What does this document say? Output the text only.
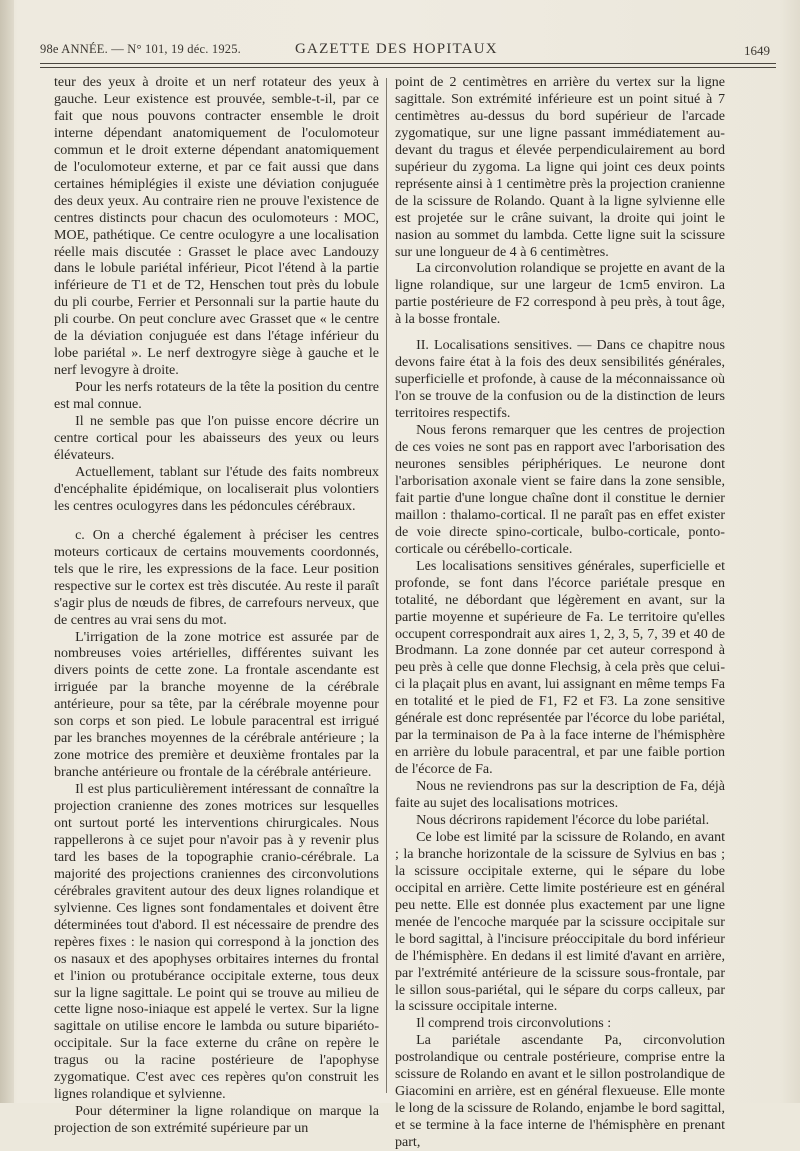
98e ANNÉE. — N° 101, 19 déc. 1925.	GAZETTE DES HOPITAUX	1649

teur des yeux à droite et un nerf rotateur des yeux à gauche. Leur existence est prouvée, semble-t-il, par ce fait que nous pouvons contracter ensemble le droit interne dépendant anatomiquement de l'oculomoteur commun et le droit externe dépendant anatomiquement de l'oculomoteur externe, et par ce fait aussi que dans certaines hémiplégies il existe une déviation conjuguée des deux yeux. Au contraire rien ne prouve l'existence de centres distincts pour chacun des oculomoteurs : MOC, MOE, pathétique. Ce centre oculogyre a une localisation réelle mais discutée : Grasset le place avec Landouzy dans le lobule pariétal inférieur, Picot l'étend à la partie inférieure de T1 et de T2, Henschen tout près du lobule du pli courbe, Ferrier et Personnali sur la partie haute du pli courbe. On peut conclure avec Grasset que « le centre de la déviation conjuguée est dans l'étage inférieur du lobe pariétal ». Le nerf dextrogyre siège à gauche et le nerf levogyre à droite.

Pour les nerfs rotateurs de la tête la position du centre est mal connue.

Il ne semble pas que l'on puisse encore décrire un centre cortical pour les abaisseurs des yeux ou leurs élévateurs.

Actuellement, tablant sur l'étude des faits nombreux d'encéphalite épidémique, on localiserait plus volontiers les centres oculogyres dans les pédoncules cérébraux.

c. On a cherché également à préciser les centres moteurs corticaux de certains mouvements coordonnés, tels que le rire, les expressions de la face. Leur position respective sur le cortex est très discutée. Au reste il paraît s'agir plus de nœuds de fibres, de carrefours nerveux, que de centres au vrai sens du mot.

L'irrigation de la zone motrice est assurée par de nombreuses voies artérielles, différentes suivant les divers points de cette zone. La frontale ascendante est irriguée par la branche moyenne de la cérébrale antérieure, pour sa tête, par la cérébrale moyenne pour son corps et son pied. Le lobule paracentral est irrigué par les branches moyennes de la cérébrale antérieure ; la zone motrice des première et deuxième frontales par la branche antérieure ou frontale de la cérébrale antérieure.

Il est plus particulièrement intéressant de connaître la projection cranienne des zones motrices sur lesquelles ont surtout porté les interventions chirurgicales. Nous rappellerons à ce sujet pour n'avoir pas à y revenir plus tard les bases de la topographie cranio-cérébrale. La majorité des projections craniennes des circonvolutions cérébrales gravitent autour des deux lignes rolandique et sylvienne. Ces lignes sont fondamentales et doivent être déterminées tout d'abord. Il est nécessaire de prendre des repères fixes : le nasion qui correspond à la jonction des os nasaux et des apophyses orbitaires internes du frontal et l'inion ou protubérance occipitale externe, tous deux sur la ligne sagittale. Le point qui se trouve au milieu de cette ligne noso-iniaque est appelé le vertex. Sur la ligne sagittale on utilise encore le lambda ou suture bipariéto-occipitale. Sur la face externe du crâne on repère le tragus ou la racine postérieure de l'apophyse zygomatique. C'est avec ces repères qu'on construit les lignes rolandique et sylvienne.

Pour déterminer la ligne rolandique on marque la projection de son extrémité supérieure par un

point de 2 centimètres en arrière du vertex sur la ligne sagittale. Son extrémité inférieure est un point situé à 7 centimètres au-dessus du bord supérieur de l'arcade zygomatique, sur une ligne passant immédiatement au-devant du tragus et élevée perpendiculairement au bord supérieur du zygoma. La ligne qui joint ces deux points représente ainsi à 1 centimètre près la projection cranienne de la scissure de Rolando. Quant à la ligne sylvienne elle est projetée sur le crâne suivant, la droite qui joint le nasion au sommet du lambda. Cette ligne suit la scissure sur une longueur de 4 à 6 centimètres.

La circonvolution rolandique se projette en avant de la ligne rolandique, sur une largeur de 1cm5 environ. La partie postérieure de F2 correspond à peu près, à tout âge, à la bosse frontale.

II. Localisations sensitives. — Dans ce chapitre nous devons faire état à la fois des deux sensibilités générales, superficielle et profonde, à cause de la méconnaissance où l'on se trouve de la confusion ou de la distinction de leurs territoires respectifs.

Nous ferons remarquer que les centres de projection de ces voies ne sont pas en rapport avec l'arborisation des neurones sensibles périphériques. Le neurone dont l'arborisation axonale vient se faire dans la zone sensible, fait partie d'une longue chaîne dont il constitue le dernier maillon : thalamo-cortical. Il ne paraît pas en effet exister de voie directe spino-corticale, bulbo-corticale, ponto-corticale ou cérébello-corticale.

Les localisations sensitives générales, superficielle et profonde, se font dans l'écorce pariétale presque en totalité, ne débordant que légèrement en avant, sur la partie moyenne et supérieure de Fa. Le territoire qu'elles occupent correspondrait aux aires 1, 2, 3, 5, 7, 39 et 40 de Brodmann. La zone donnée par cet auteur correspond à peu près à celle que donne Flechsig, à cela près que celui-ci la plaçait plus en avant, lui assignant en même temps Fa en totalité et le pied de F1, F2 et F3. La zone sensitive générale est donc représentée par l'écorce du lobe pariétal, par la terminaison de Pa à la face interne de l'hémisphère en arrière du lobule paracentral, et par une faible portion de l'écorce de Fa.

Nous ne reviendrons pas sur la description de Fa, déjà faite au sujet des localisations motrices.

Nous décrirons rapidement l'écorce du lobe pariétal.

Ce lobe est limité par la scissure de Rolando, en avant ; la branche horizontale de la scissure de Sylvius en bas ; la scissure occipitale externe, qui le sépare du lobe occipital en arrière. Cette limite postérieure est en général peu nette. Elle est donnée plus exactement par une ligne menée de l'encoche marquée par la scissure occipitale sur le bord sagittal, à l'incisure préoccipitale du bord inférieur de l'hémisphère. En dedans il est limité d'avant en arrière, par l'extrémité antérieure de la scissure sous-frontale, par le sillon sous-pariétal, qui le sépare du corps calleux, par la scissure occipitale interne.

Il comprend trois circonvolutions :

La pariétale ascendante Pa, circonvolution postrolandique ou centrale postérieure, comprise entre la scissure de Rolando en avant et le sillon postrolandique de Giacomini en arrière, est en général flexueuse. Elle monte le long de la scissure de Rolando, enjambe le bord sagittal, et se termine à la face interne de l'hémisphère en prenant part,
